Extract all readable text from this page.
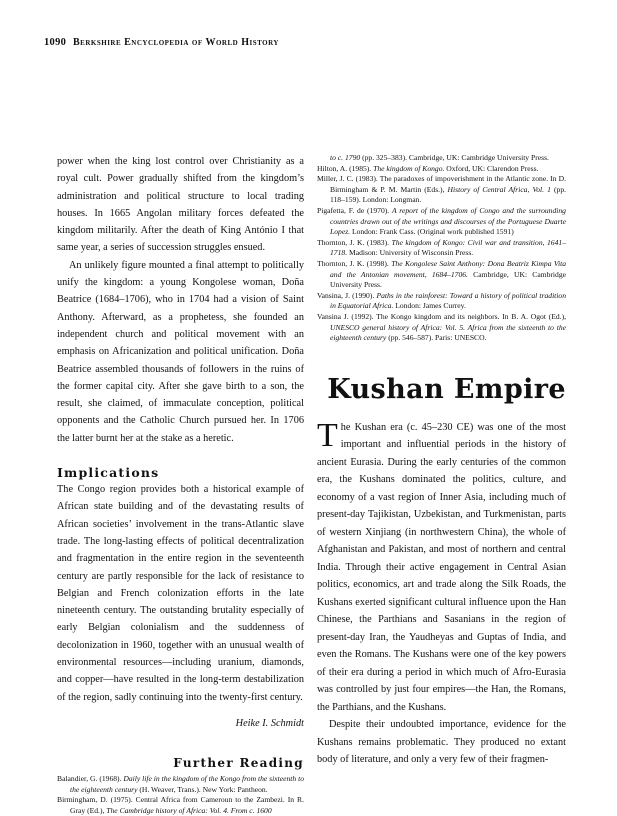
1090 Berkshire Encyclopedia of World History

power when the king lost control over Christianity as a royal cult. Power gradually shifted from the kingdom’s administration and political structure to local trading houses. In 1665 Angolan military forces defeated the kingdom militarily. After the death of King António I that same year, a series of succession struggles ensued.

An unlikely figure mounted a final attempt to politically unify the kingdom: a young Kongolese woman, Doña Beatrice (1684–1706), who in 1704 had a vision of Saint Anthony. Afterward, as a prophetess, she founded an independent church and political movement with an emphasis on Africanization and political unification. Doña Beatrice assembled thousands of followers in the ruins of the former capital city. After she gave birth to a son, the result, she claimed, of immaculate conception, political opponents and the Catholic Church pursued her. In 1706 the latter burnt her at the stake as a heretic.

Implications

The Congo region provides both a historical example of African state building and of the devastating results of African societies’ involvement in the trans-Atlantic slave trade. The long-lasting effects of political decentralization and fragmentation in the entire region in the seventeenth century are partly responsible for the lack of resistance to Belgian and French colonization efforts in the late nineteenth century. The outstanding brutality especially of early Belgian colonialism and the suddenness of decolonization in 1960, together with an unusual wealth of environmental resources—including uranium, diamonds, and copper—have resulted in the long-term destabilization of the region, sadly continuing into the twenty-first century.

Heike I. Schmidt

Further Reading

Balandier, G. (1968). Daily life in the kingdom of the Kongo from the sixteenth to the eighteenth century (H. Weaver, Trans.). New York: Pantheon.

Birmingham, D. (1975). Central Africa from Cameroun to the Zambezi. In R. Gray (Ed.), The Cambridge history of Africa: Vol. 4. From c. 1600

to c. 1790 (pp. 325–383). Cambridge, UK: Cambridge University Press.

Hilton, A. (1985). The kingdom of Kongo. Oxford, UK: Clarendon Press.

Miller, J. C. (1983). The paradoxes of impoverishment in the Atlantic zone. In D. Birmingham & P. M. Martin (Eds.), History of Central Africa, Vol. 1 (pp. 118–159). London: Longman.

Pigafetta, F. de (1970). A report of the kingdom of Congo and the surrounding countries drawn out of the writings and discourses of the Portuguese Duarte Lopez. London: Frank Cass. (Original work published 1591)

Thornton, J. K. (1983). The kingdom of Kongo: Civil war and transition, 1641–1718. Madison: University of Wisconsin Press.

Thornton, J. K. (1998). The Kongolese Saint Anthony: Dona Beatriz Kimpa Vita and the Antonian movement, 1684–1706. Cambridge, UK: Cambridge University Press.

Vansina, J. (1990). Paths in the rainforest: Toward a history of political tradition in Equatorial Africa. London: James Currey.

Vansina J. (1992). The Kongo kingdom and its neighbors. In B. A. Ogot (Ed.), UNESCO general history of Africa: Vol. 5. Africa from the sixteenth to the eighteenth century (pp. 546–587). Paris: UNESCO.

Kushan Empire

The Kushan era (c. 45–230 CE) was one of the most important and influential periods in the history of ancient Eurasia. During the early centuries of the common era, the Kushans dominated the politics, culture, and economy of a vast region of Inner Asia, including much of present-day Tajikistan, Uzbekistan, and Turkmenistan, parts of western Xinjiang (in northwestern China), the whole of Afghanistan and Pakistan, and most of northern and central India. Through their active engagement in Central Asian politics, economics, art and trade along the Silk Roads, the Kushans exerted significant cultural influence upon the Han Chinese, the Parthians and Sasanians in the region of present-day Iran, the Yaudheyas and Guptas of India, and even the Romans. The Kushans were one of the key powers of their era during a period in which much of Afro-Eurasia was controlled by just four empires—the Han, the Romans, the Parthians, and the Kushans.

Despite their undoubted importance, evidence for the Kushans remains problematic. They produced no extant body of literature, and only a very few of their fragmen-
